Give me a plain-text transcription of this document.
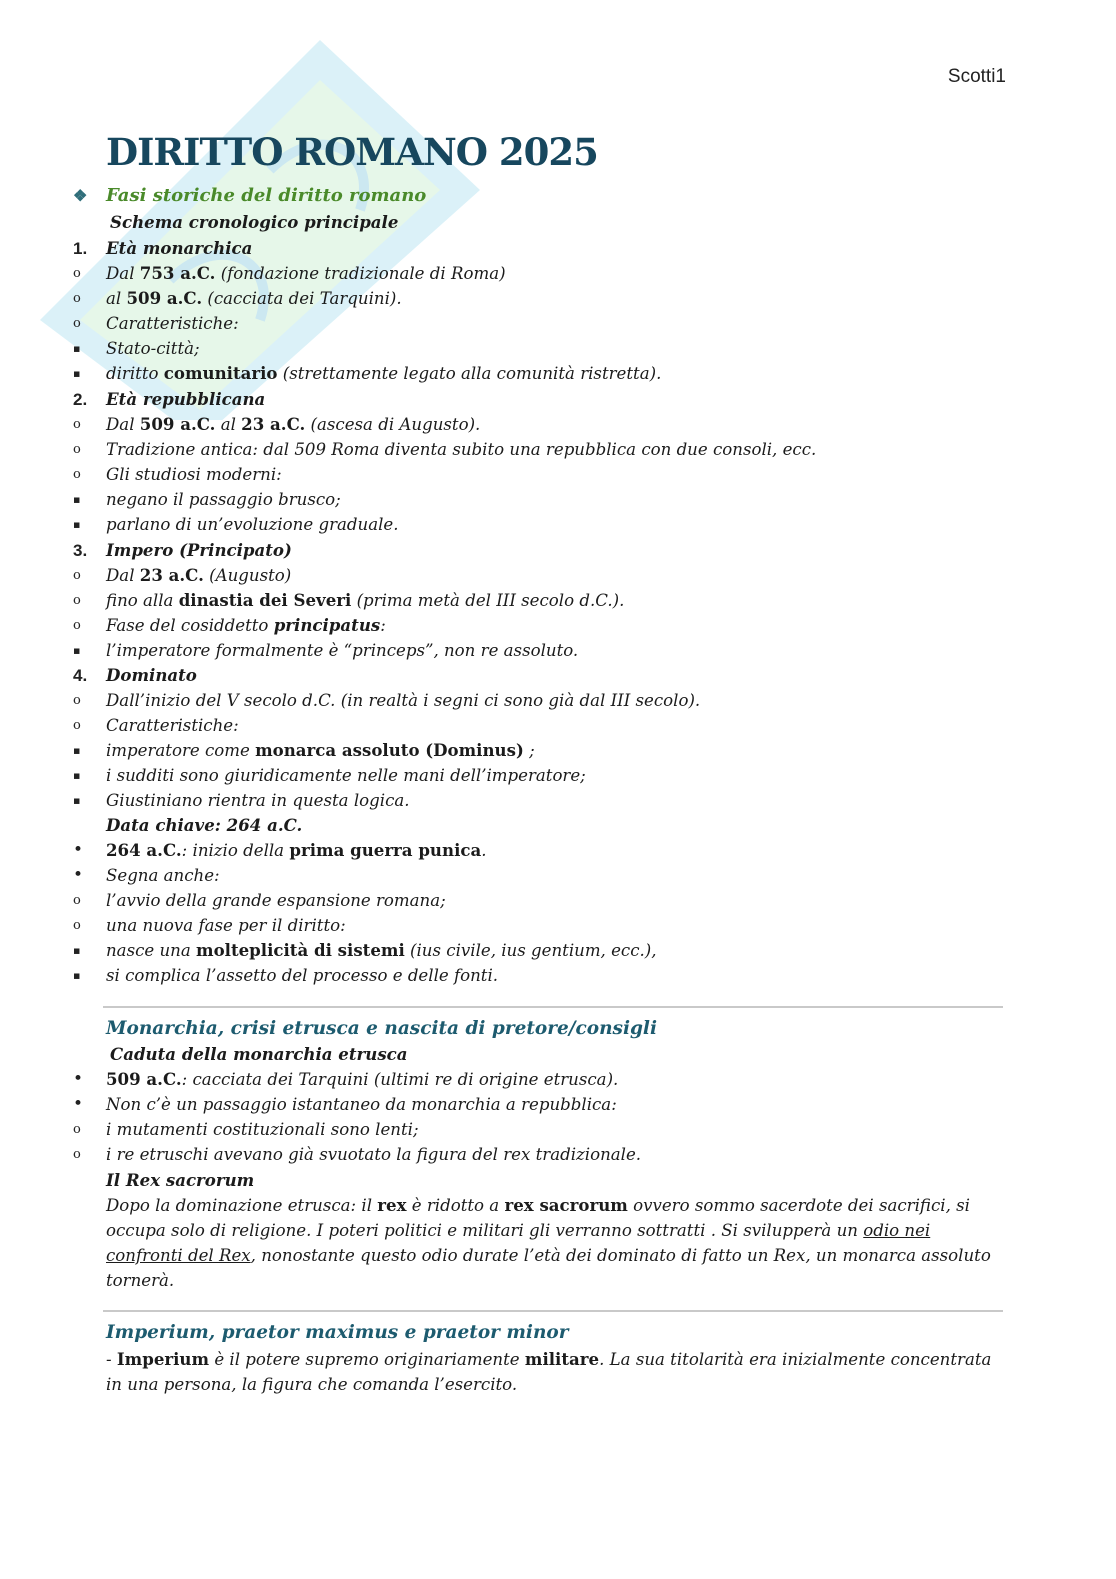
Scotti1
DIRITTO ROMANO 2025
❖	Fasi storiche del diritto romano
Schema cronologico principale
1.	Età monarchica
o	Dal 753 a.C. (fondazione tradizionale di Roma)
o	al 509 a.C. (cacciata dei Tarquini).
o	Caratteristiche:
▪	Stato-città;
▪	diritto comunitario (strettamente legato alla comunità ristretta).
2.	Età repubblicana
o	Dal 509 a.C. al 23 a.C. (ascesa di Augusto).
o	Tradizione antica: dal 509 Roma diventa subito una repubblica con due consoli, ecc.
o	Gli studiosi moderni:
▪	negano il passaggio brusco;
▪	parlano di un’evoluzione graduale.
3.	Impero (Principato)
o	Dal 23 a.C. (Augusto)
o	fino alla dinastia dei Severi (prima metà del III secolo d.C.).
o	Fase del cosiddetto principatus:
▪	l’imperatore formalmente è “princeps”, non re assoluto.
4.	Dominato
o	Dall’inizio del V secolo d.C. (in realtà i segni ci sono già dal III secolo).
o	Caratteristiche:
▪	imperatore come monarca assoluto (Dominus) ;
▪	i sudditi sono giuridicamente nelle mani dell’imperatore;
▪	Giustiniano rientra in questa logica.
Data chiave: 264 a.C.
•	264 a.C.: inizio della prima guerra punica.
•	Segna anche:
o	l’avvio della grande espansione romana;
o	una nuova fase per il diritto:
▪	nasce una molteplicità di sistemi (ius civile, ius gentium, ecc.),
▪	si complica l’assetto del processo e delle fonti.
Monarchia, crisi etrusca e nascita di pretore/consigli
Caduta della monarchia etrusca
•	509 a.C.: cacciata dei Tarquini (ultimi re di origine etrusca).
•	Non c’è un passaggio istantaneo da monarchia a repubblica:
o	i mutamenti costituzionali sono lenti;
o	i re etruschi avevano già svuotato la figura del rex tradizionale.
Il Rex sacrorum
Dopo la dominazione etrusca: il rex è ridotto a rex sacrorum ovvero sommo sacerdote dei sacrifici, si occupa solo di religione. I poteri politici e militari gli verranno sottratti . Si svilupperà un odio nei confronti del Rex, nonostante questo odio durate l’età dei dominato di fatto un Rex, un monarca assoluto tornerà.
Imperium, praetor maximus e praetor minor
- Imperium è il potere supremo originariamente militare. La sua titolarità era inizialmente concentrata in una persona, la figura che comanda l’esercito.
